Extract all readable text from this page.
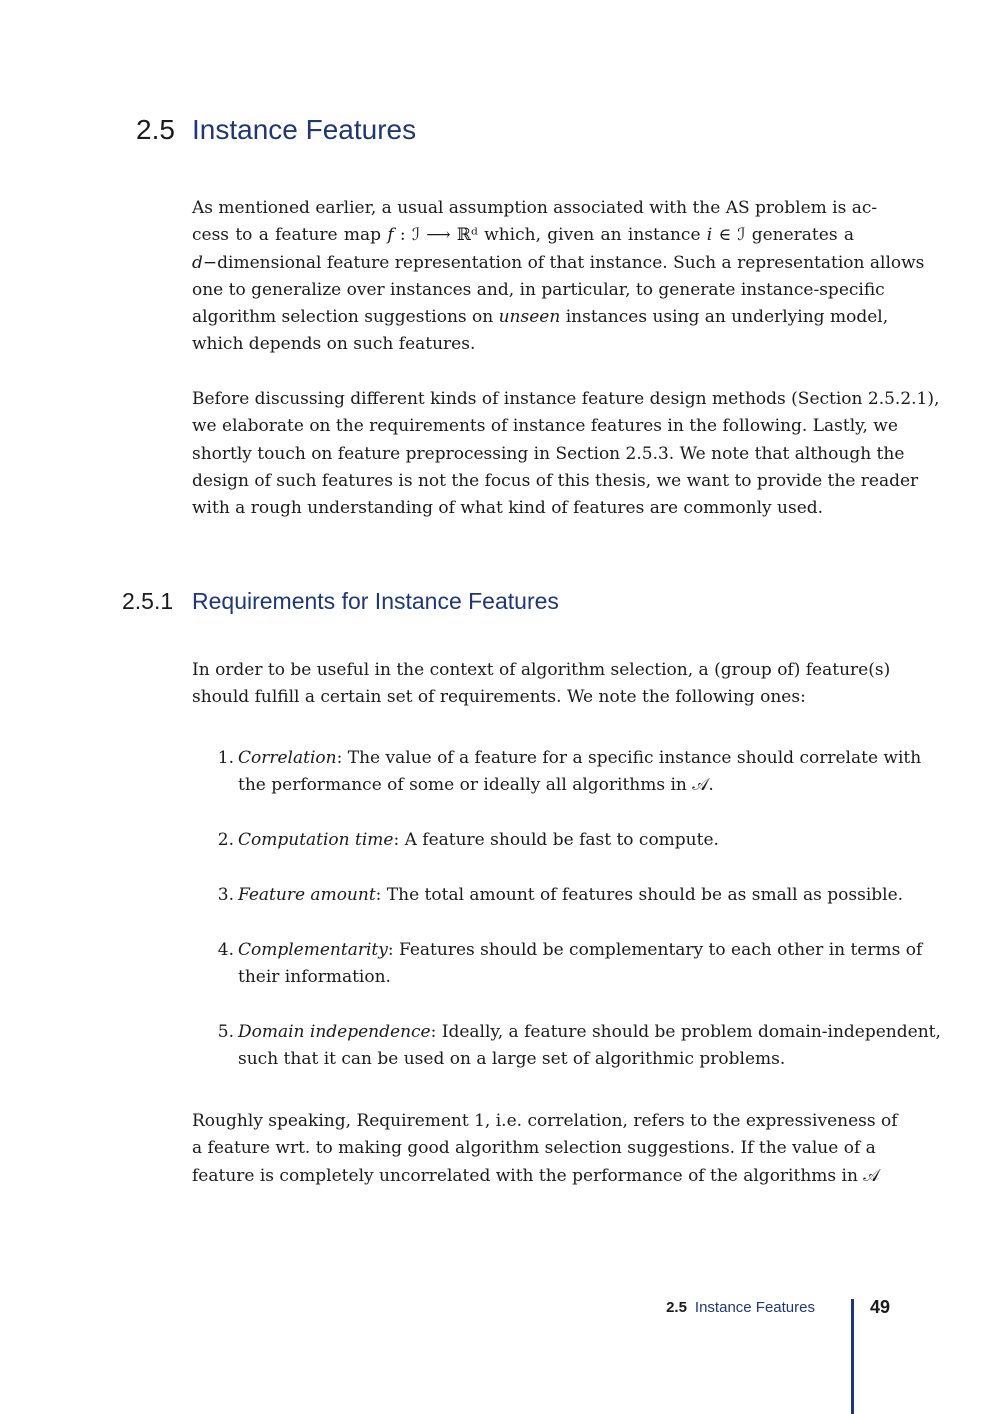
2.5 Instance Features
As mentioned earlier, a usual assumption associated with the AS problem is ac-
cess to a feature map 𝑓 : ℐ ⟶ ℝᵈ which, given an instance 𝑖 ∈ ℐ generates a
𝑑−dimensional feature representation of that instance. Such a representation allows
one to generalize over instances and, in particular, to generate instance-specific
algorithm selection suggestions on unseen instances using an underlying model,
which depends on such features.
Before discussing different kinds of instance feature design methods (Section 2.5.2.1),
we elaborate on the requirements of instance features in the following. Lastly, we
shortly touch on feature preprocessing in Section 2.5.3. We note that although the
design of such features is not the focus of this thesis, we want to provide the reader
with a rough understanding of what kind of features are commonly used.
2.5.1 Requirements for Instance Features
In order to be useful in the context of algorithm selection, a (group of) feature(s)
should fulfill a certain set of requirements. We note the following ones:
1. Correlation: The value of a feature for a specific instance should correlate with
the performance of some or ideally all algorithms in 𝒜.
2. Computation time: A feature should be fast to compute.
3. Feature amount: The total amount of features should be as small as possible.
4. Complementarity: Features should be complementary to each other in terms of
their information.
5. Domain independence: Ideally, a feature should be problem domain-independent,
such that it can be used on a large set of algorithmic problems.
Roughly speaking, Requirement 1, i.e. correlation, refers to the expressiveness of
a feature wrt. to making good algorithm selection suggestions. If the value of a
feature is completely uncorrelated with the performance of the algorithms in 𝒜
2.5 Instance Features	49
